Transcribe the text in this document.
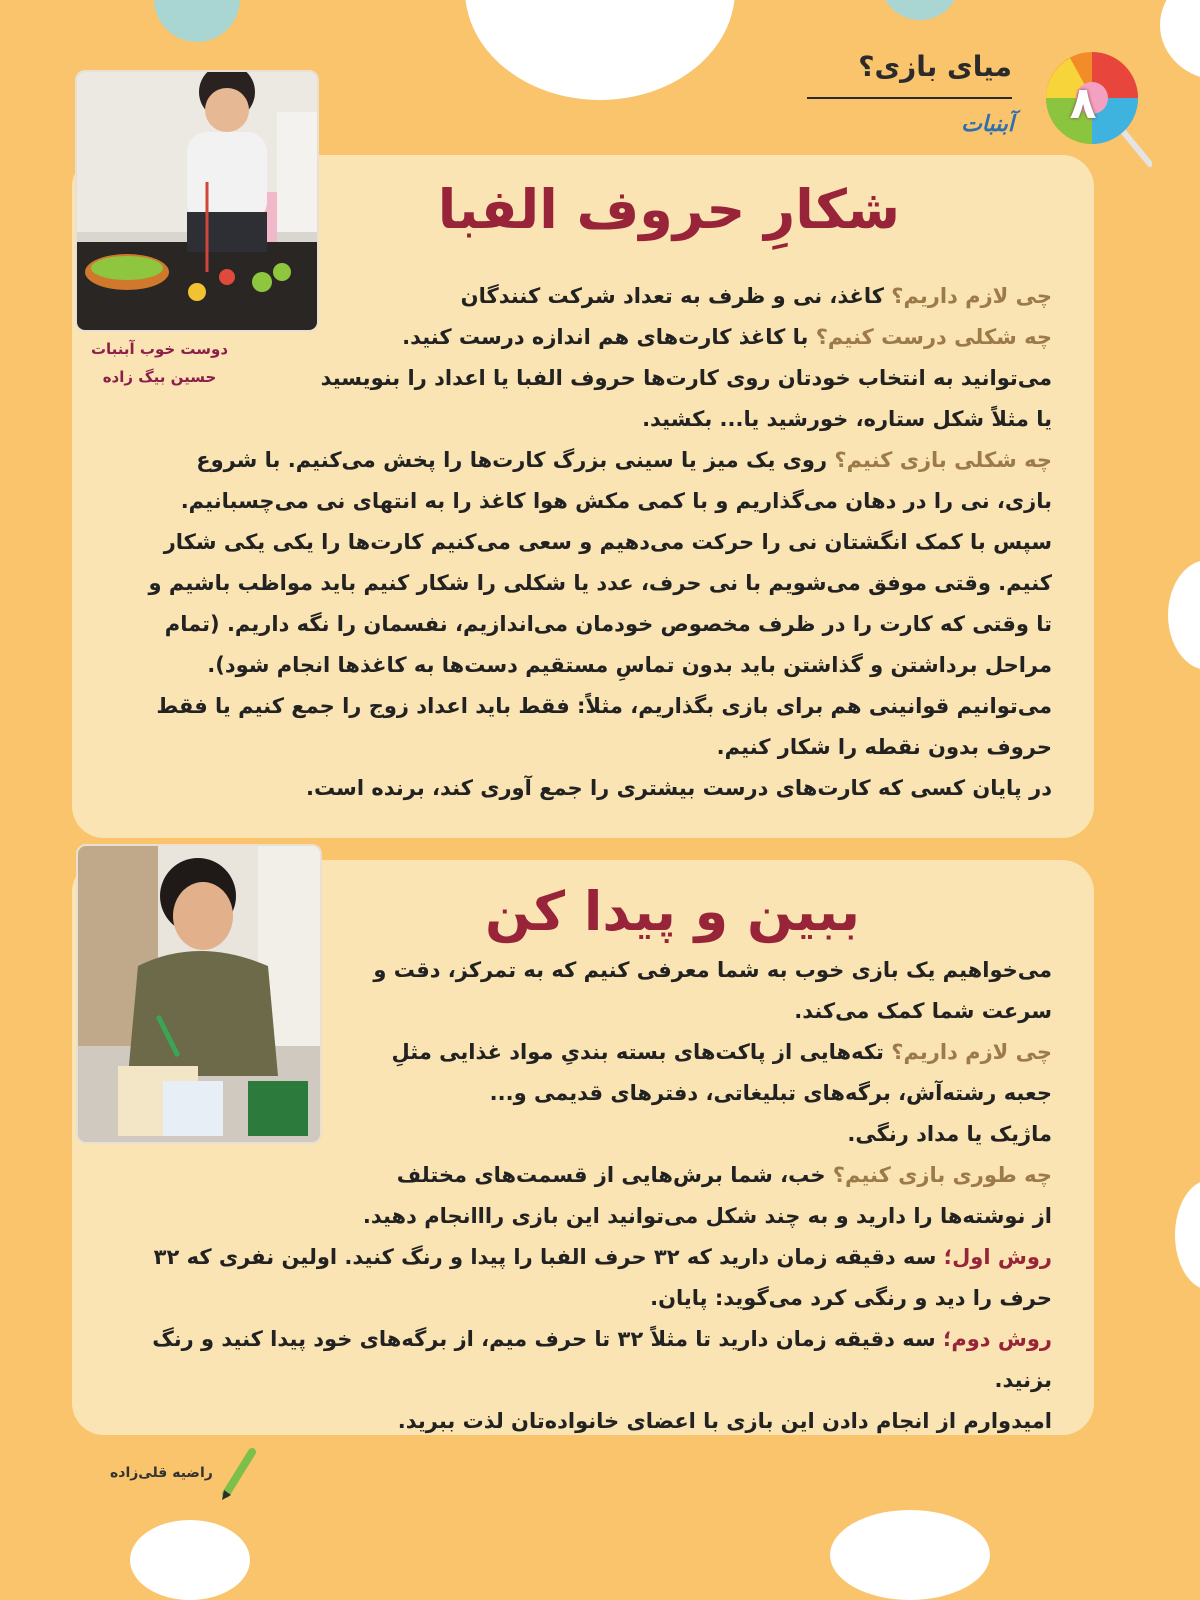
میای بازی؟
آبنبات ۸
دوست خوب آبنبات
حسین بیگ زاده
شکارِ حروف الفبا
چی لازم داریم؟ کاغذ، نی و ظرف به تعداد شرکت کنندگان
چه شکلی درست کنیم؟ با کاغذ کارت‌های هم اندازه درست کنید.
می‌توانید به انتخاب خودتان روی کارت‌ها حروف الفبا یا اعداد را بنویسید
یا مثلاً شکل ستاره، خورشید یا... بکشید.
چه شکلی بازی کنیم؟ روی یک میز یا سینی بزرگ کارت‌ها را پخش می‌کنیم. با شروع
بازی، نی را در دهان می‌گذاریم و با کمی مکش هوا کاغذ را به انتهای نی می‌چسبانیم.
سپس با کمک انگشتان نی را حرکت می‌دهیم و سعی می‌کنیم کارت‌ها را یکی یکی شکار
کنیم. وقتی موفق می‌شویم با نی حرف، عدد یا شکلی را شکار کنیم باید مواظب باشیم و
تا وقتی که کارت را در ظرف مخصوص خودمان می‌اندازیم، نفسمان را نگه داریم. (تمام
مراحل برداشتن و گذاشتن باید بدون تماسِ مستقیم دست‌ها به کاغذها انجام شود).
می‌توانیم قوانینی هم برای بازی بگذاریم، مثلاً: فقط باید اعداد زوج را جمع کنیم یا فقط
حروف بدون نقطه را شکار کنیم.
در پایان کسی که کارت‌های درست بیشتری را جمع آوری کند، برنده است.
ببین و پیدا کن
می‌خواهیم یک بازی خوب به شما معرفی کنیم که به تمرکز، دقت و
سرعت شما کمک می‌کند.
چی لازم داریم؟ تکه‌هایی از پاکت‌های بسته بندیِ مواد غذایی مثلِ
جعبه رشته‌آش، برگه‌های تبلیغاتی، دفترهای قدیمی و...
ماژیک یا مداد رنگی.
چه طوری بازی کنیم؟ خب، شما برش‌هایی از قسمت‌های مختلف
از نوشته‌ها را دارید و به چند شکل می‌توانید این بازی رااانجام دهید.
روش اول؛ سه دقیقه زمان دارید که ۳۲ حرف الفبا را پیدا و رنگ کنید. اولین نفری که ۳۲
حرف را دید و رنگی کرد می‌گوید: پایان.
روش دوم؛ سه دقیقه زمان دارید تا مثلاً ۳۲ تا حرف میم، از برگه‌های خود پیدا کنید و رنگ
بزنید.
امیدوارم از انجام دادن این بازی با اعضای خانواده‌تان لذت ببرید.
راضیه قلی‌زاده
